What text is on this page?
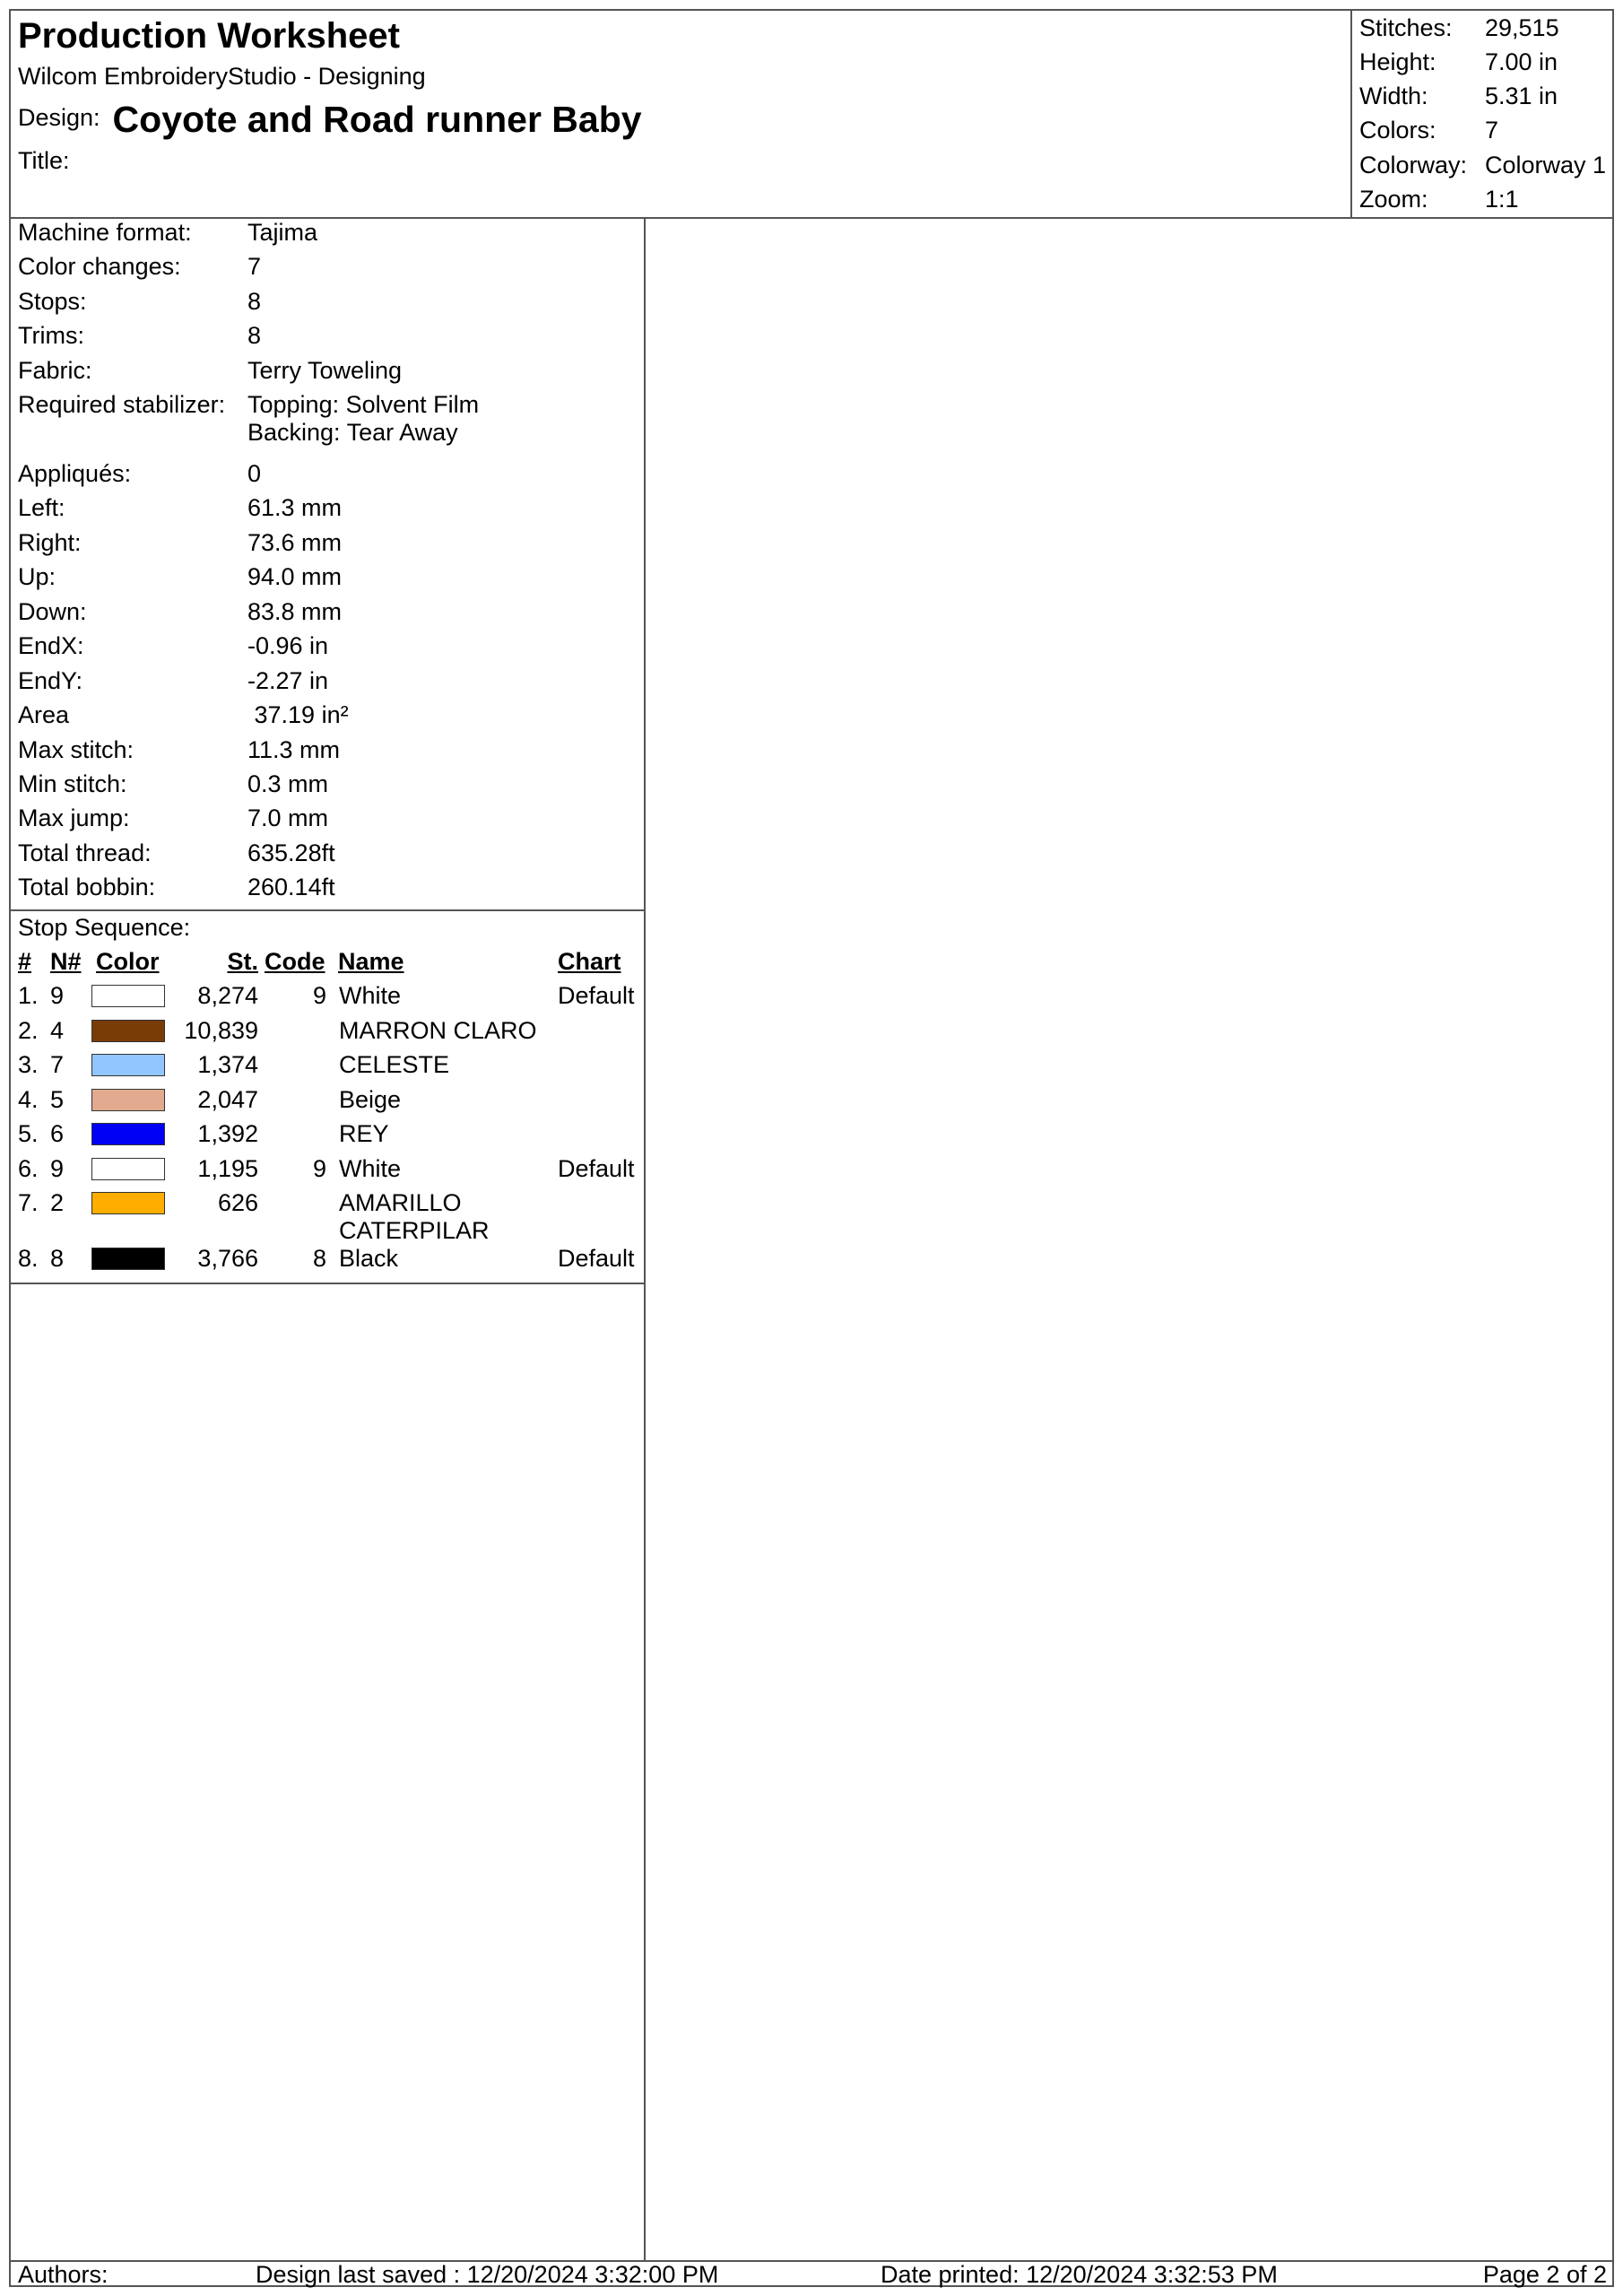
Production Worksheet
Wilcom EmbroideryStudio - Designing
Design: Coyote and Road runner Baby
Title:
Stitches: 29,515
Height: 7.00 in
Width: 5.31 in
Colors: 7
Colorway: Colorway 1
Zoom: 1:1
Machine format: Tajima
Color changes:	7
Stops:	8
Trims:	8
Fabric:	Terry Toweling
Required stabilizer: Topping: Solvent Film
Backing: Tear Away
Appliqués:	0
Left:	61.3 mm
Right:	73.6 mm
Up:	94.0 mm
Down:	83.8 mm
EndX:	-0.96 in
EndY:	-2.27 in
Area	37.19 in²
Max stitch:	11.3 mm
Min stitch:	0.3 mm
Max jump:	7.0 mm
Total thread:	635.28ft
Total bobbin:	260.14ft
Stop Sequence:
# N# Color	St. Code Name	Chart
1. 9	8,274	9 White	Default
2. 4	10,839	MARRON CLARO
3. 7	1,374	CELESTE
4. 5	2,047	Beige
5. 6	1,392	REY
6. 9	1,195	9 White	Default
7. 2	626	AMARILLO
CATERPILAR
8. 8	3,766	8 Black	Default
Authors:	Design last saved : 12/20/2024 3:32:00 PM	Date printed: 12/20/2024 3:32:53 PM	Page 2 of 2
